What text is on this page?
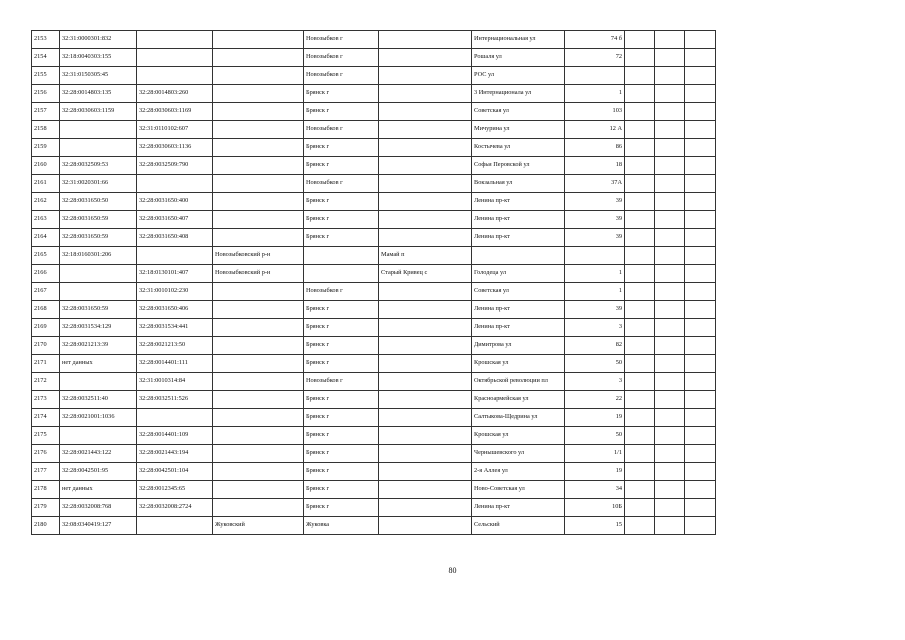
2153	32:31:0000301:832			Новозыбков г		Интернациональная ул	74 б			
2154	32:18:0040303:155			Новозыбков г		Рошаля ул	72			
2155	32:31:0150305:45			Новозыбков г		РОС ул				
2156	32:28:0014803:135	32:28:0014803:260		Брянск г		3 Интернационала ул	1			
2157	32:28:0030603:1159	32:28:0030603:1169		Брянск г		Советская ул	103			
2158		32:31:0110102:607		Новозыбков г		Мичурина ул	12 А			
2159		32:28:0030603:1136		Брянск г		Костычева ул	86			
2160	32:28:0032509:53	32:28:0032509:790		Брянск г		Софьи Перовской ул	18			
2161	32:31:0020301:66			Новозыбков г		Вокзальная ул	37А			
2162	32:28:0031650:50	32:28:0031650:400		Брянск г		Ленина пр-кт	39			
2163	32:28:0031650:59	32:28:0031650:407		Брянск г		Ленина пр-кт	39			
2164	32:28:0031650:59	32:28:0031650:408		Брянск г		Ленина пр-кт	39			
2165	32:18:0160301:206		Новозыбковский р-н		Mамай п					
2166		32:18:0130101:407	Новозыбковский р-н		Старый Кривец с	Голодеца ул	1			
2167		32:31:0010102:230		Новозыбков г		Советская ул	1			
2168	32:28:0031650:59	32:28:0031650:406		Брянск г		Ленина пр-кт	39			
2169	32:28:0031534:129	32:28:0031534:441		Брянск г		Ленина пр-кт	3			
2170	32:28:0021213:39	32:28:0021213:50		Брянск г		Димитрова ул	82			
2171	нет данных	32:28:0014401:111		Брянск г		Крошская ул	50			
2172		32:31:0010314:84		Новозыбков г		Октябрьской революции пл	3			
2173	32:28:0032511:40	32:28:0032511:526		Брянск г		Красноармейская ул	22			
2174	32:28:0021001:1036			Брянск г		Салтыкова-Щедрина ул	19			
2175		32:28:0014401:109		Брянск г		Крошская ул	50			
2176	32:28:0021443:122	32:28:0021443:194		Брянск г		Чернышевского ул	1/1			
2177	32:28:0042501:95	32:28:0042501:104		Брянск г		2-я Аллея ул	19			
2178	нет данных	32:28:0012345:65		Брянск г		Ново-Советская ул	34			
2179	32:28:0032008:768	32:28:0032008:2724		Брянск г		Ленина пр-кт	10Б			
2180	32:08:0340419:127		Жуковский	Жуковка		Сельский	15			
80
